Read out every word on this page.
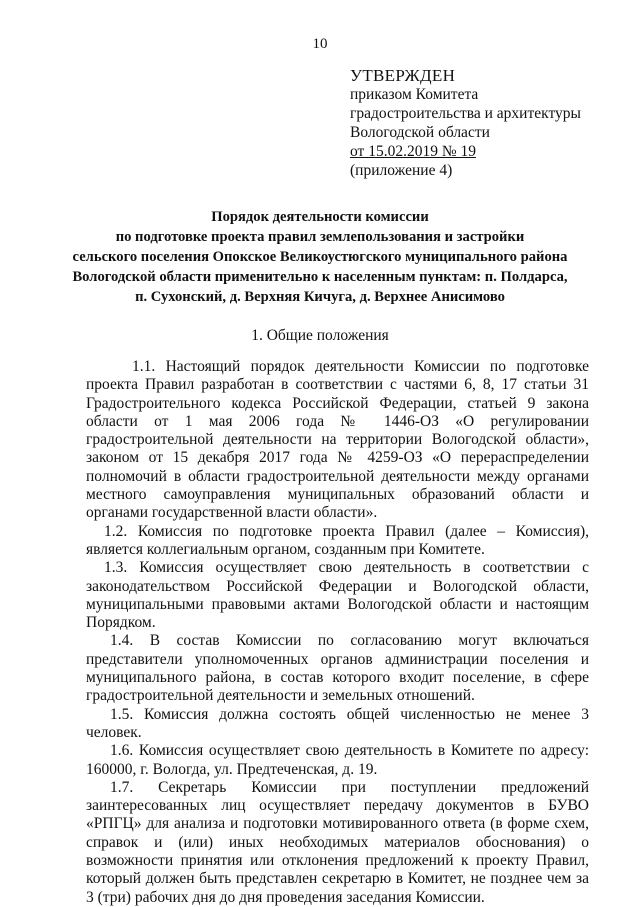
10
УТВЕРЖДЕН
приказом Комитета
градостроительства и архитектуры
Вологодской области
от 15.02.2019 № 19
(приложение 4)
Порядок деятельности комиссии
по подготовке проекта правил землепользования и застройки
сельского поселения Опокское Великоустюгского муниципального района
Вологодской области применительно к населенным пунктам: п. Полдарса,
п. Сухонский, д. Верхняя Кичуга, д. Верхнее Анисимово
1. Общие положения

1.1. Настоящий порядок деятельности Комиссии по подготовке проекта Правил разработан в соответствии с частями 6, 8, 17 статьи 31 Градостроительного кодекса Российской Федерации, статьей 9 закона области от 1 мая 2006 года № 1446-ОЗ «О регулировании градостроительной деятельности на территории Вологодской области», законом от 15 декабря 2017 года № 4259-ОЗ «О перераспределении полномочий в области градостроительной деятельности между органами местного самоуправления муниципальных образований области и органами государственной власти области».

1.2. Комиссия по подготовке проекта Правил (далее – Комиссия), является коллегиальным органом, созданным при Комитете.

1.3. Комиссия осуществляет свою деятельность в соответствии с законодательством Российской Федерации и Вологодской области, муниципальными правовыми актами Вологодской области и настоящим Порядком.

1.4. В состав Комиссии по согласованию могут включаться представители уполномоченных органов администрации поселения и муниципального района, в состав которого входит поселение, в сфере градостроительной деятельности и земельных отношений.

1.5. Комиссия должна состоять общей численностью не менее 3 человек.

1.6. Комиссия осуществляет свою деятельность в Комитете по адресу: 160000, г. Вологда, ул. Предтеченская, д. 19.

1.7. Секретарь Комиссии при поступлении предложений заинтересованных лиц осуществляет передачу документов в БУВО «РПГЦ» для анализа и подготовки мотивированного ответа (в форме схем, справок и (или) иных необходимых материалов обоснования) о возможности принятия или отклонения предложений к проекту Правил, который должен быть представлен секретарю в Комитет, не позднее чем за 3 (три) рабочих дня до дня проведения заседания Комиссии.
